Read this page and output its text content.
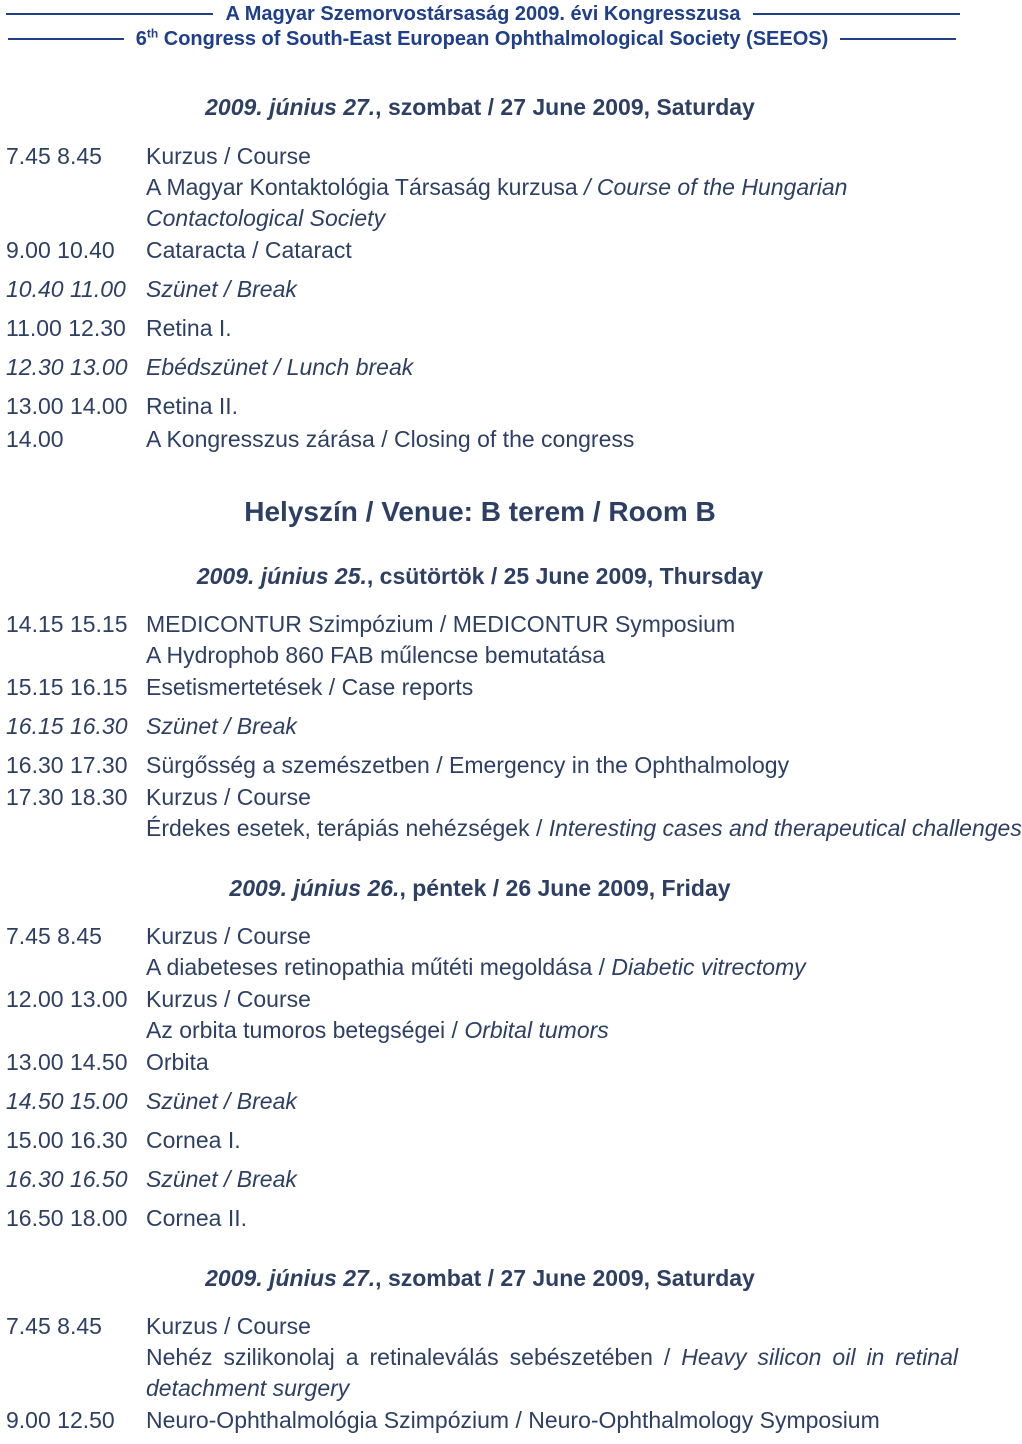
A Magyar Szemorvostársaság 2009. évi Kongresszusa
6th Congress of South-East European Ophthalmological Society (SEEOS)
2009. június 27., szombat / 27 June 2009, Saturday
7.45 8.45 Kurzus / Course
A Magyar Kontaktológia Társaság kurzusa / Course of the Hungarian Contactological Society
9.00 10.40 Cataracta / Cataract
10.40 11.00 Szünet / Break
11.00 12.30 Retina I.
12.30 13.00 Ebédszünet / Lunch break
13.00 14.00 Retina II.
14.00	A Kongresszus zárása / Closing of the congress
Helyszín / Venue: B terem / Room B
2009. június 25., csütörtök / 25 June 2009, Thursday
14.15 15.15 MEDICONTUR Szimpózium / MEDICONTUR Symposium
A Hydrophob 860 FAB műlencse bemutatása
15.15 16.15 Esetismertetések / Case reports
16.15 16.30 Szünet / Break
16.30 17.30 Sürgősség a szemészetben / Emergency in the Ophthalmology
17.30 18.30 Kurzus / Course
Érdekes esetek, terápiás nehézségek / Interesting cases and therapeutical challenges
2009. június 26., péntek / 26 June 2009, Friday
7.45 8.45 Kurzus / Course
A diabeteses retinopathia műtéti megoldása / Diabetic vitrectomy
12.00 13.00 Kurzus / Course
Az orbita tumoros betegségei / Orbital tumors
13.00 14.50 Orbita
14.50 15.00 Szünet / Break
15.00 16.30 Cornea I.
16.30 16.50 Szünet / Break
16.50 18.00 Cornea II.
2009. június 27., szombat / 27 June 2009, Saturday
7.45 8.45 Kurzus / Course
Nehéz szilikonolaj a retinaleválás sebészetében / Heavy silicon oil in retinal detachment surgery
9.00 12.50 Neuro-Ophthalmológia Szimpózium / Neuro-Ophthalmology Symposium
